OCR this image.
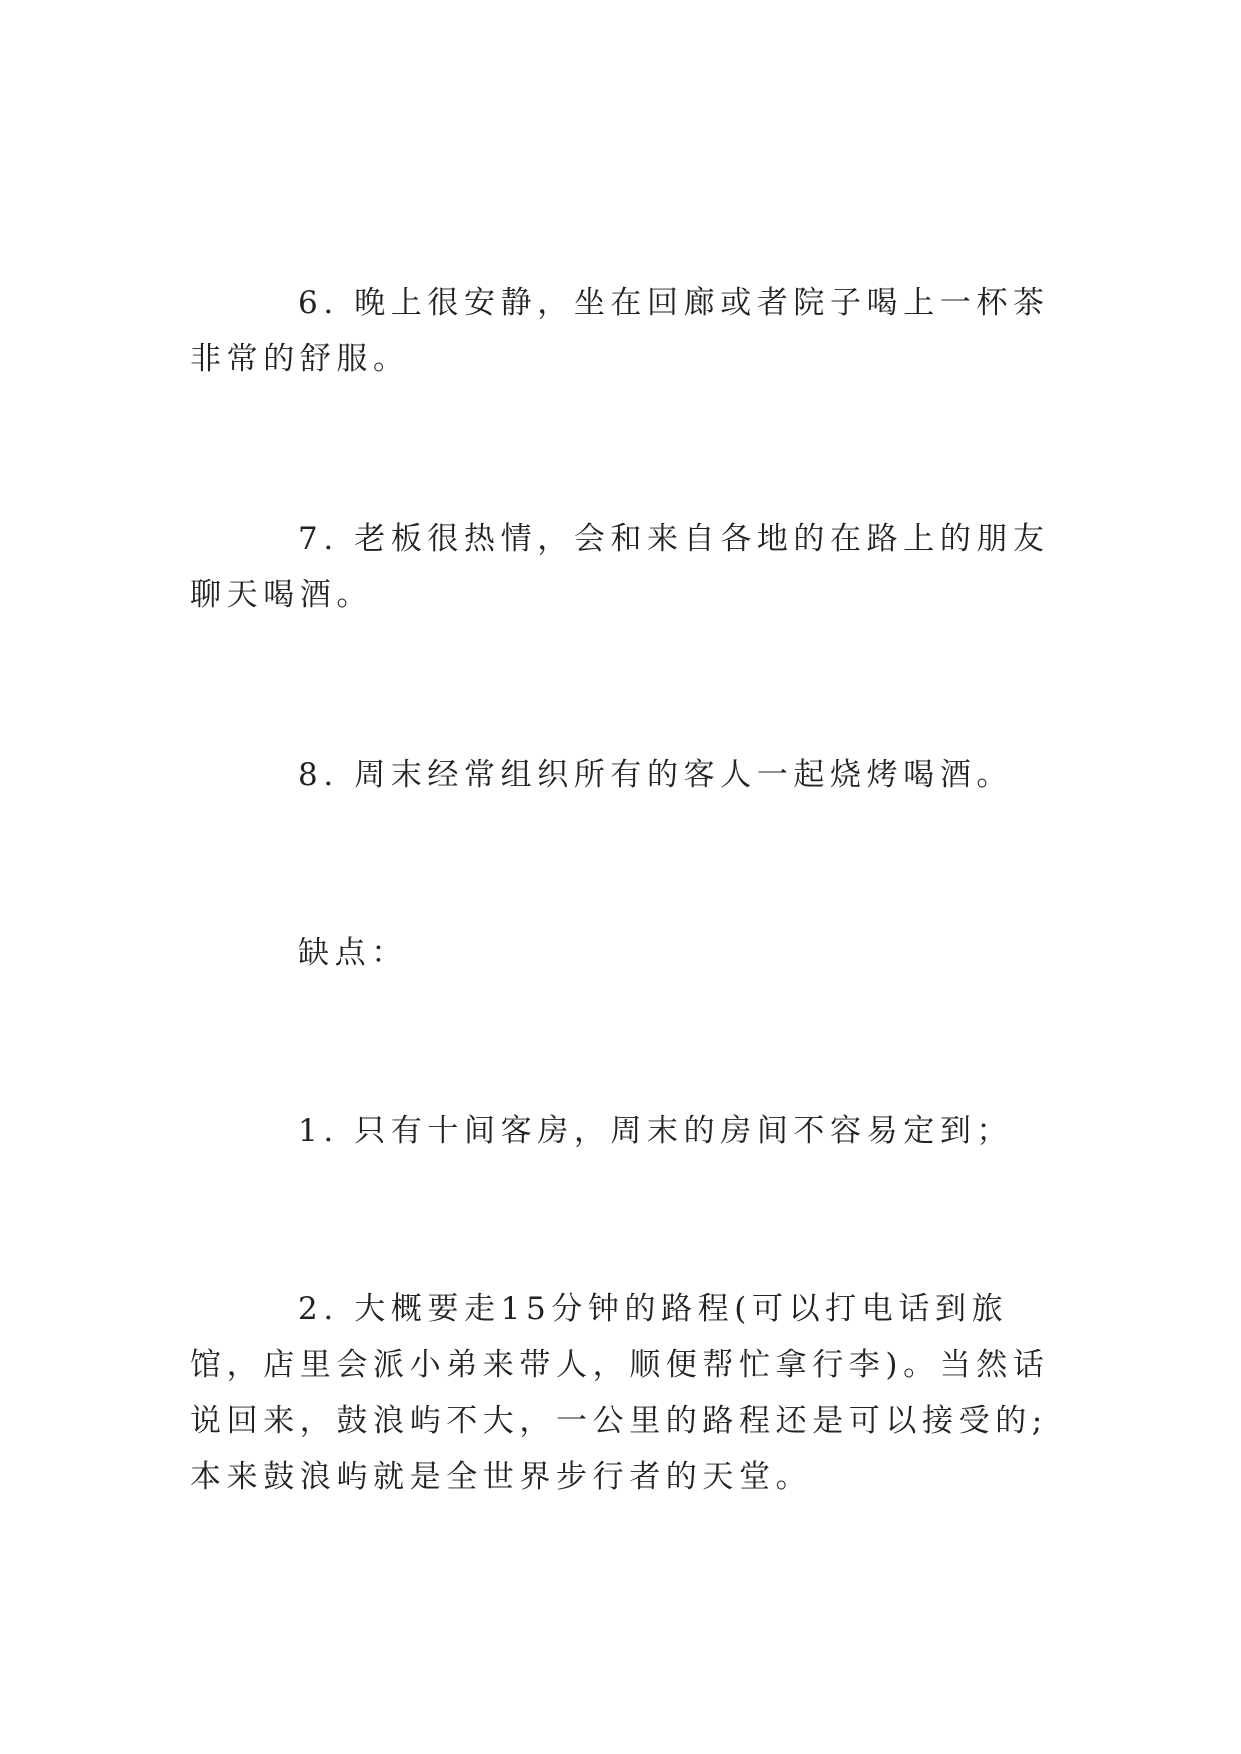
6. 晚上很安静，坐在回廊或者院子喝上一杯茶非常的舒服。

7. 老板很热情，会和来自各地的在路上的朋友聊天喝酒。

8. 周末经常组织所有的客人一起烧烤喝酒。

缺点：

1. 只有十间客房，周末的房间不容易定到；

2. 大概要走15分钟的路程(可以打电话到旅馆，店里会派小弟来带人，顺便帮忙拿行李)。当然话说回来，鼓浪屿不大，一公里的路程还是可以接受的;本来鼓浪屿就是全世界步行者的天堂。
